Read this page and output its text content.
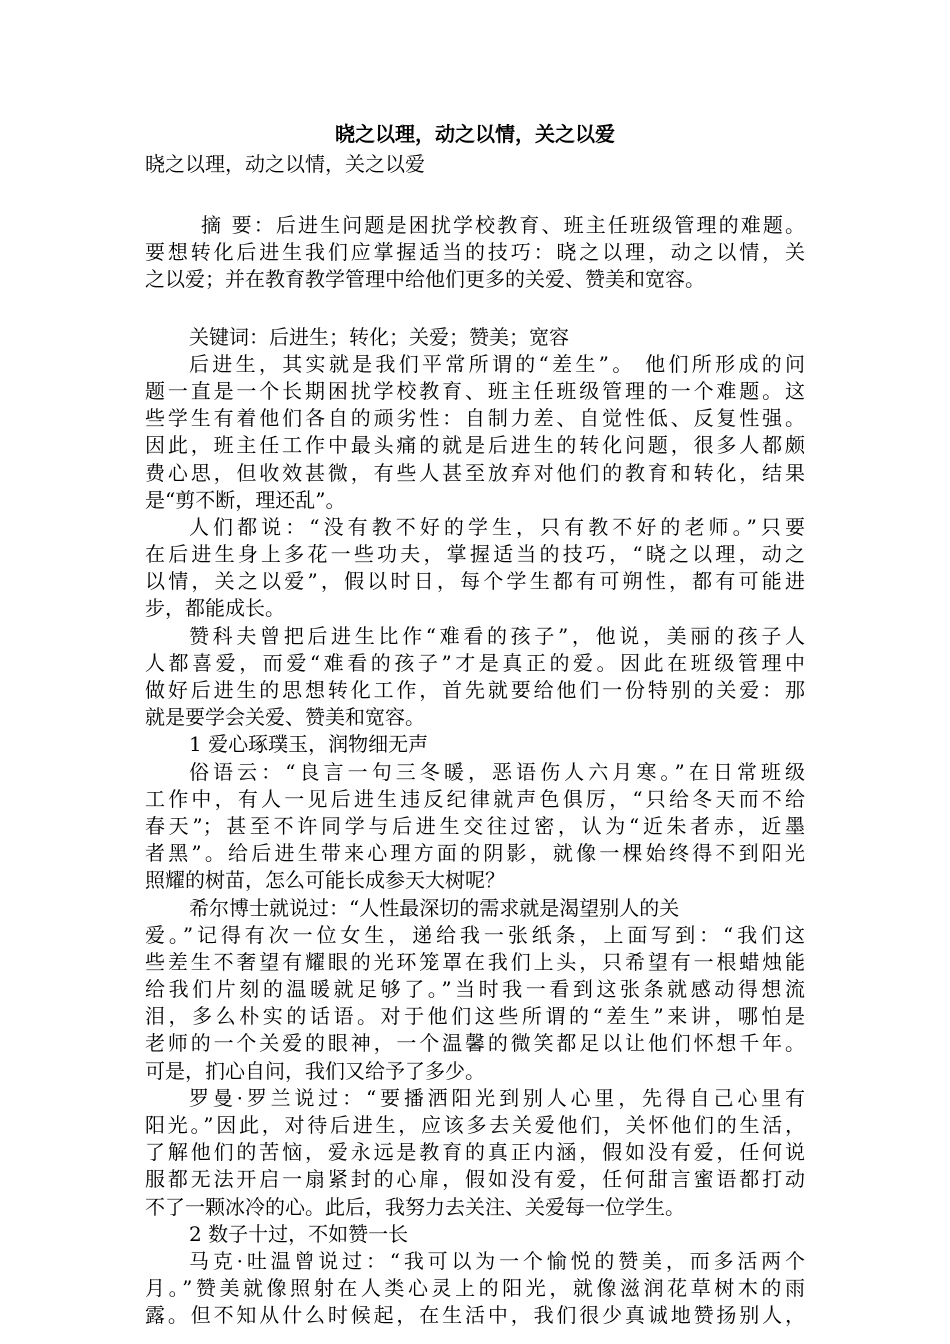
晓之以理，动之以情，关之以爱

晓之以理，动之以情，关之以爱

摘 要：后进生问题是困扰学校教育、班主任班级管理的难题。

要想转化后进生我们应掌握适当的技巧：晓之以理，动之以情，关

之以爱；并在教育教学管理中给他们更多的关爱、赞美和宽容。

关键词：后进生；转化；关爱；赞美；宽容

后进生，其实就是我们平常所谓的“差生”。 他们所形成的问

题一直是一个长期困扰学校教育、班主任班级管理的一个难题。这

些学生有着他们各自的顽劣性：自制力差、自觉性低、反复性强。

因此，班主任工作中最头痛的就是后进生的转化问题，很多人都颇

费心思，但收效甚微，有些人甚至放弃对他们的教育和转化，结果

是“剪不断，理还乱”。

人们都说：“没有教不好的学生，只有教不好的老师。”只要

在后进生身上多花一些功夫，掌握适当的技巧，“晓之以理，动之

以情，关之以爱”，假以时日，每个学生都有可朔性，都有可能进

步，都能成长。

赞科夫曾把后进生比作“难看的孩子”，他说，美丽的孩子人

人都喜爱，而爱“难看的孩子”才是真正的爱。因此在班级管理中

做好后进生的思想转化工作，首先就要给他们一份特别的关爱：那

就是要学会关爱、赞美和宽容。

1 爱心琢璞玉，润物细无声

俗语云：“良言一句三冬暖，恶语伤人六月寒。”在日常班级

工作中，有人一见后进生违反纪律就声色俱厉，“只给冬天而不给

春天”；甚至不许同学与后进生交往过密，认为“近朱者赤，近墨

者黑”。给后进生带来心理方面的阴影，就像一棵始终得不到阳光

照耀的树苗，怎么可能长成参天大树呢？

希尔博士就说过：“人性最深切的需求就是渴望别人的关

爱。”记得有次一位女生，递给我一张纸条，上面写到：“我们这

些差生不奢望有耀眼的光环笼罩在我们上头，只希望有一根蜡烛能

给我们片刻的温暖就足够了。”当时我一看到这张条就感动得想流

泪，多么朴实的话语。对于他们这些所谓的“差生”来讲，哪怕是

老师的一个关爱的眼神，一个温馨的微笑都足以让他们怀想千年。

可是，扪心自问，我们又给予了多少。

罗曼·罗兰说过：“要播洒阳光到别人心里，先得自己心里有

阳光。”因此，对待后进生，应该多去关爱他们，关怀他们的生活，

了解他们的苦恼，爱永远是教育的真正内涵，假如没有爱，任何说

服都无法开启一扇紧封的心扉，假如没有爱，任何甜言蜜语都打动

不了一颗冰冷的心。此后，我努力去关注、关爱每一位学生。

2 数子十过，不如赞一长

马克·吐温曾说过：“我可以为一个愉悦的赞美，而多活两个

月。”赞美就像照射在人类心灵上的阳光，就像滋润花草树木的雨

露。但不知从什么时候起，在生活中，我们很少真诚地赞扬别人，
